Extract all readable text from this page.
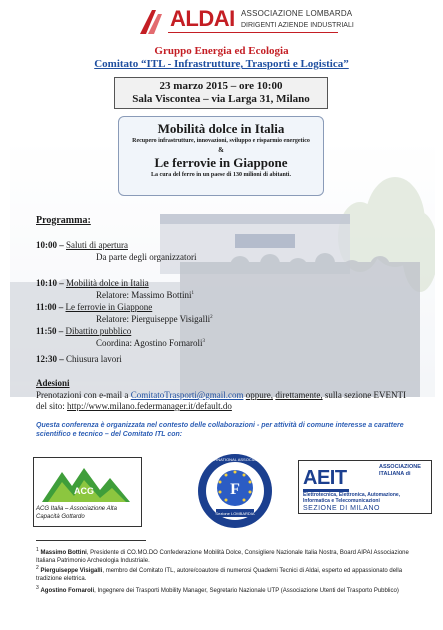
ALDAI ASSOCIAZIONE LOMBARDA
DIRIGENTI AZIENDE INDUSTRIALI
Gruppo Energia ed Ecologia
Comitato “ITL - Infrastrutture, Trasporti e Logistica”
23 marzo 2015 – ore 10:00
Sala Viscontea – via Larga 31, Milano
Mobilità dolce in Italia
Recupero infrastrutture, innovazioni, sviluppo e risparmio energetico
&
Le ferrovie in Giappone
La cura del ferro in un paese di 130 milioni di abitanti.
Programma:
10:00 – Saluti di apertura
Da parte degli organizzatori
10:10 – Mobilità dolce in Italia
Relatore: Massimo Bottini$^1$
11:00 – Le ferrovie in Giappone
Relatore: Pierguiseppe Visigalli$^2$
11:50 – Dibattito pubblico
Coordina: Agostino Fornaroli$^3$
12:30 – Chiusura lavori
Adesioni
Prenotazioni con e-mail a ComitatoTrasporti@gmail.com oppure, direttamente, sulla sezione EVENTI del sito: http://www.milano.federmanager.it/default.do
Questa conferenza è organizzata nel contesto delle collaborazioni - per attività di comune interesse a carattere scientifico e tecnico – del Comitato ITL con:
ACG
ACG Italia – Associazione Alta Capacità Gottardo
F
INTERNATIONAL ASSOCIATION
Sezione LOMBARDIA
AEIT	ASSOCIAZIONE
ITALIANA di
Elettrotecnica, Elettronica, Automazione,
Informatica e Telecomunicazioni
SEZIONE DI MILANO
$^1$ Massimo Bottini, Presidente di CO.MO.DO Confederazione Mobilità Dolce, Consigliere Nazionale Italia Nostra, Board AIPAI Associazione Italiana Patrimonio Archeologia Industriale.
$^2$ Pierguiseppe Visigalli, membro del Comitato ITL, autore/coautore di numerosi Quaderni Tecnici di Aldai, esperto ed appassionato della tradizione elettrica.
$^3$ Agostino Fornaroli, Ingegnere dei Trasporti Mobility Manager, Segretario Nazionale UTP (Associazione Utenti del Trasporto Pubblico)
